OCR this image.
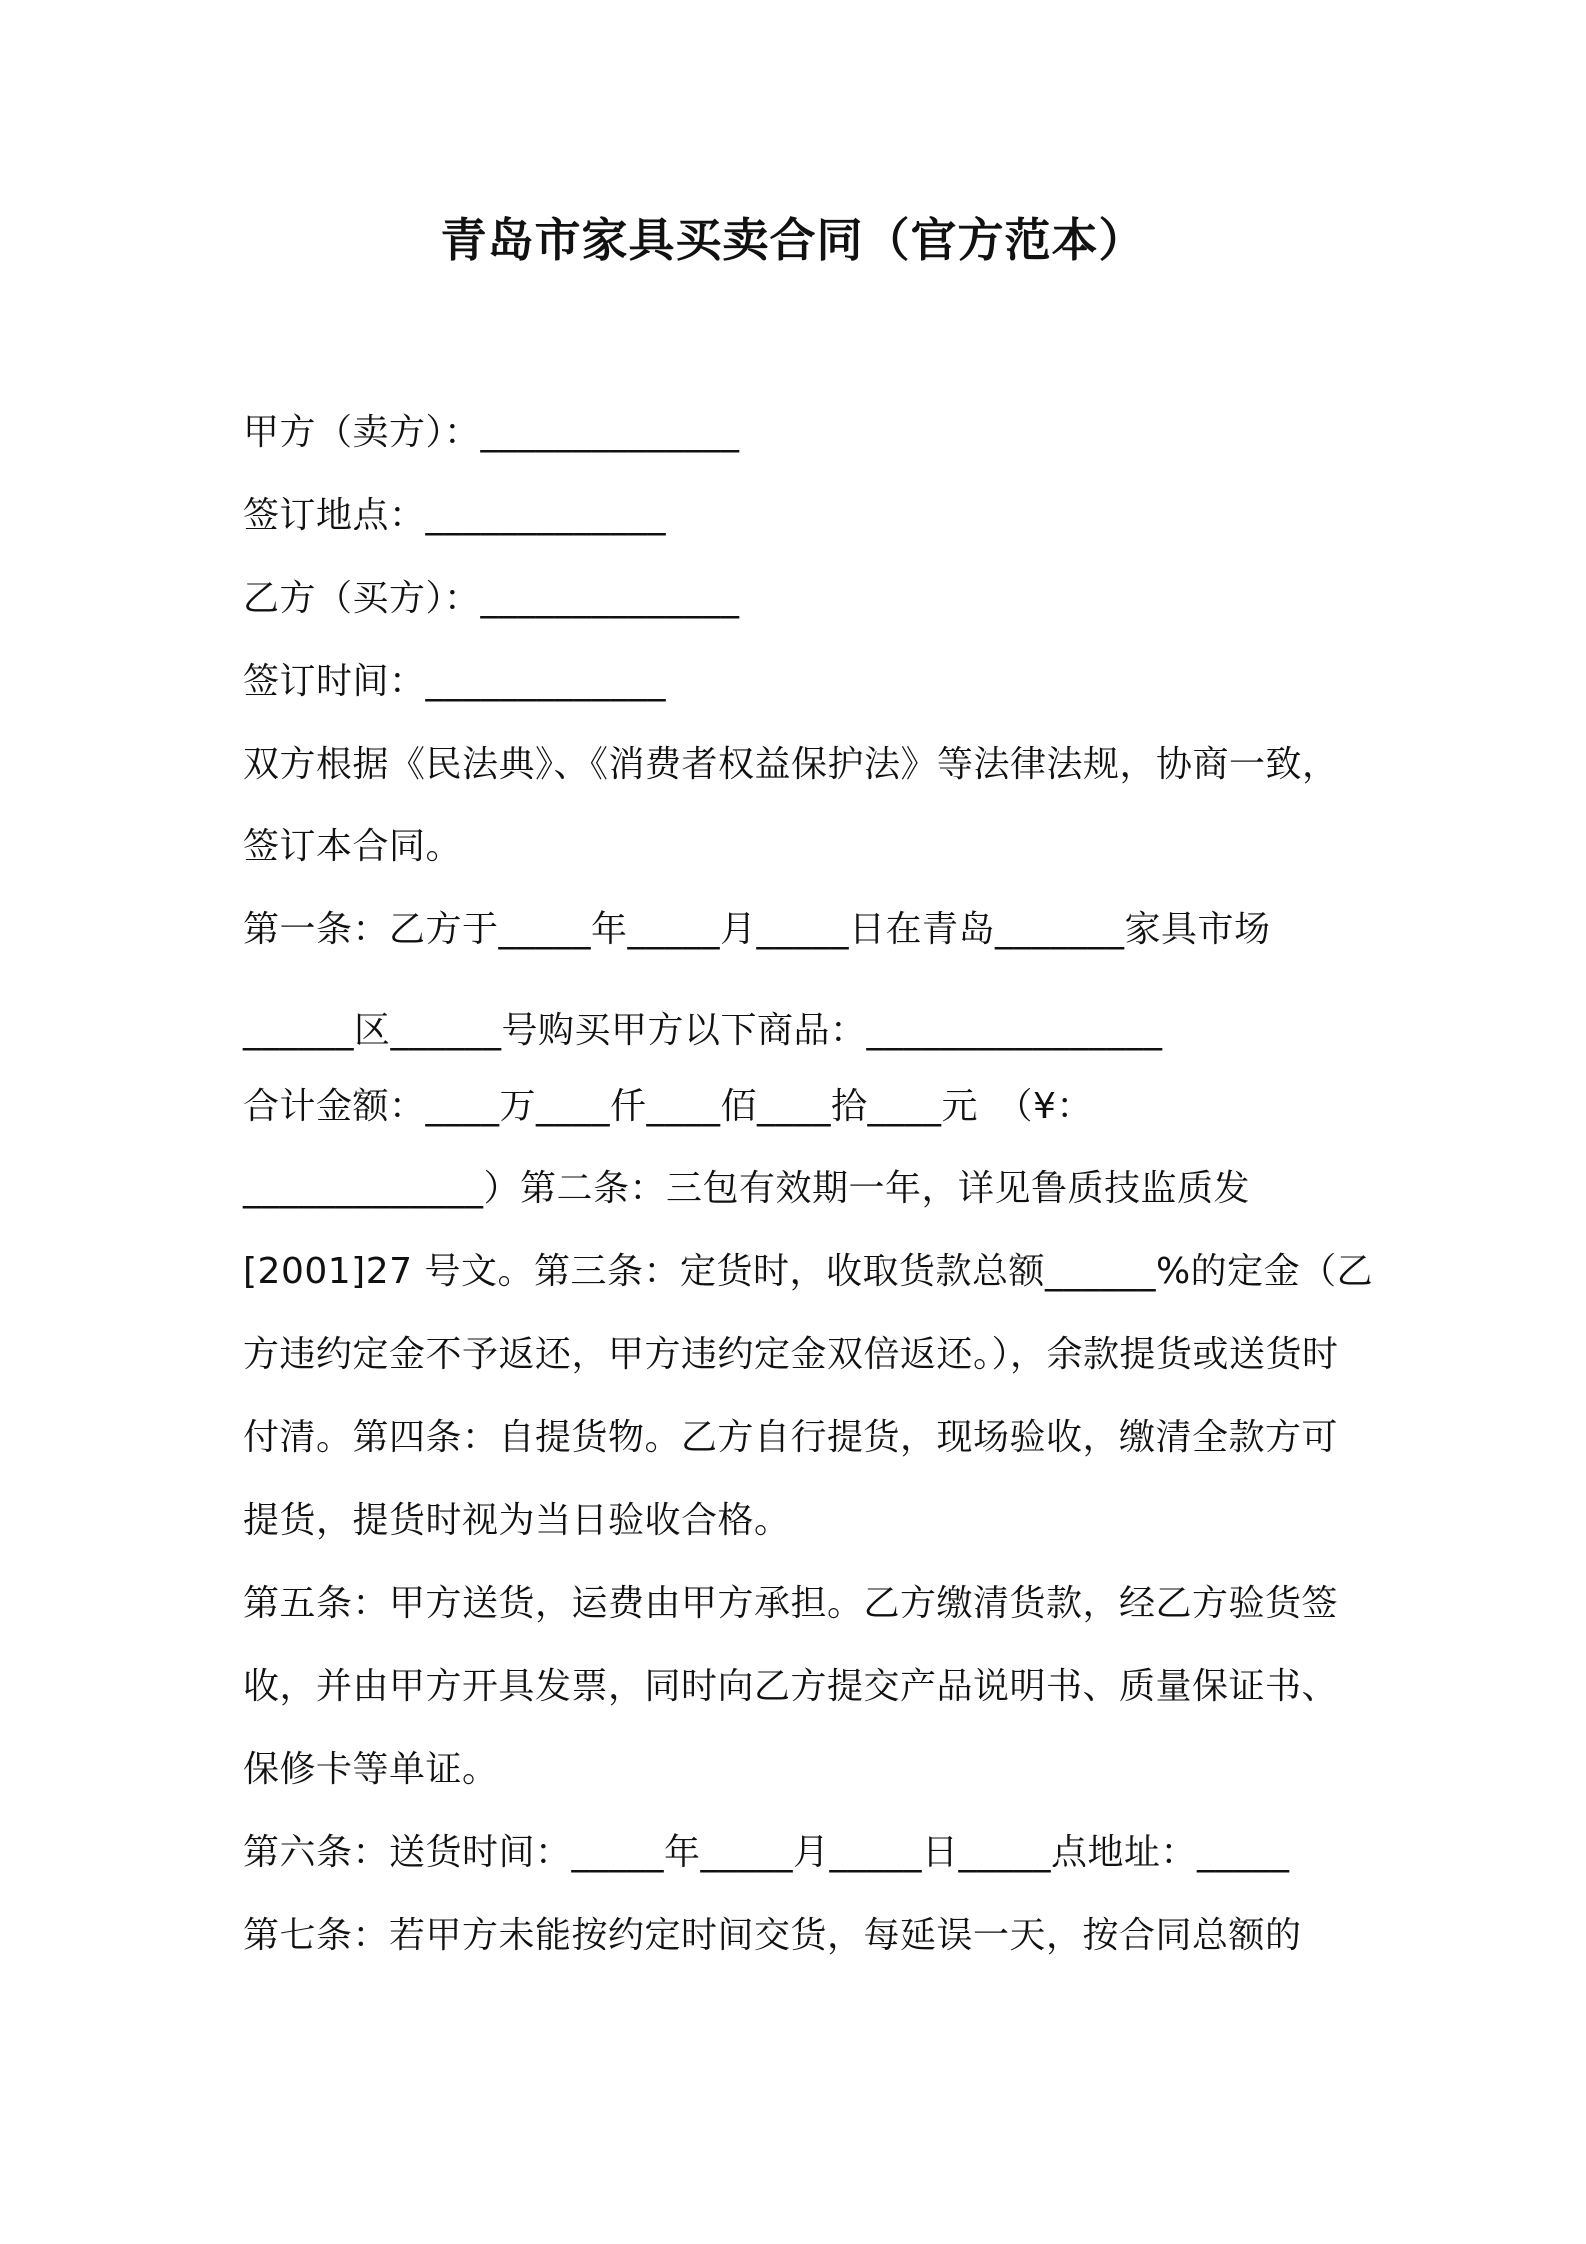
青岛市家具买卖合同（官方范本）
甲方（卖方）：______________
签订地点：_____________
乙方（买方）：______________
签订时间：_____________
双方根据《民法典》、《消费者权益保护法》等法律法规，协商一致，
签订本合同。
第一条：乙方于_____年_____月_____日在青岛_______家具市场
______区______号购买甲方以下商品：________________
合计金额：____万____仟____佰____拾____元　（¥：
_____________）第二条：三包有效期一年，详见鲁质技监质发
[2001]27 号文。第三条：定货时，收取货款总额______%的定金（乙
方违约定金不予返还，甲方违约定金双倍返还。），余款提货或送货时
付清。第四条：自提货物。乙方自行提货，现场验收，缴清全款方可
提货，提货时视为当日验收合格。
第五条：甲方送货，运费由甲方承担。乙方缴清货款，经乙方验货签
收，并由甲方开具发票，同时向乙方提交产品说明书、质量保证书、
保修卡等单证。
第六条：送货时间：_____年_____月_____日_____点地址：_____
第七条：若甲方未能按约定时间交货，每延误一天，按合同总额的
